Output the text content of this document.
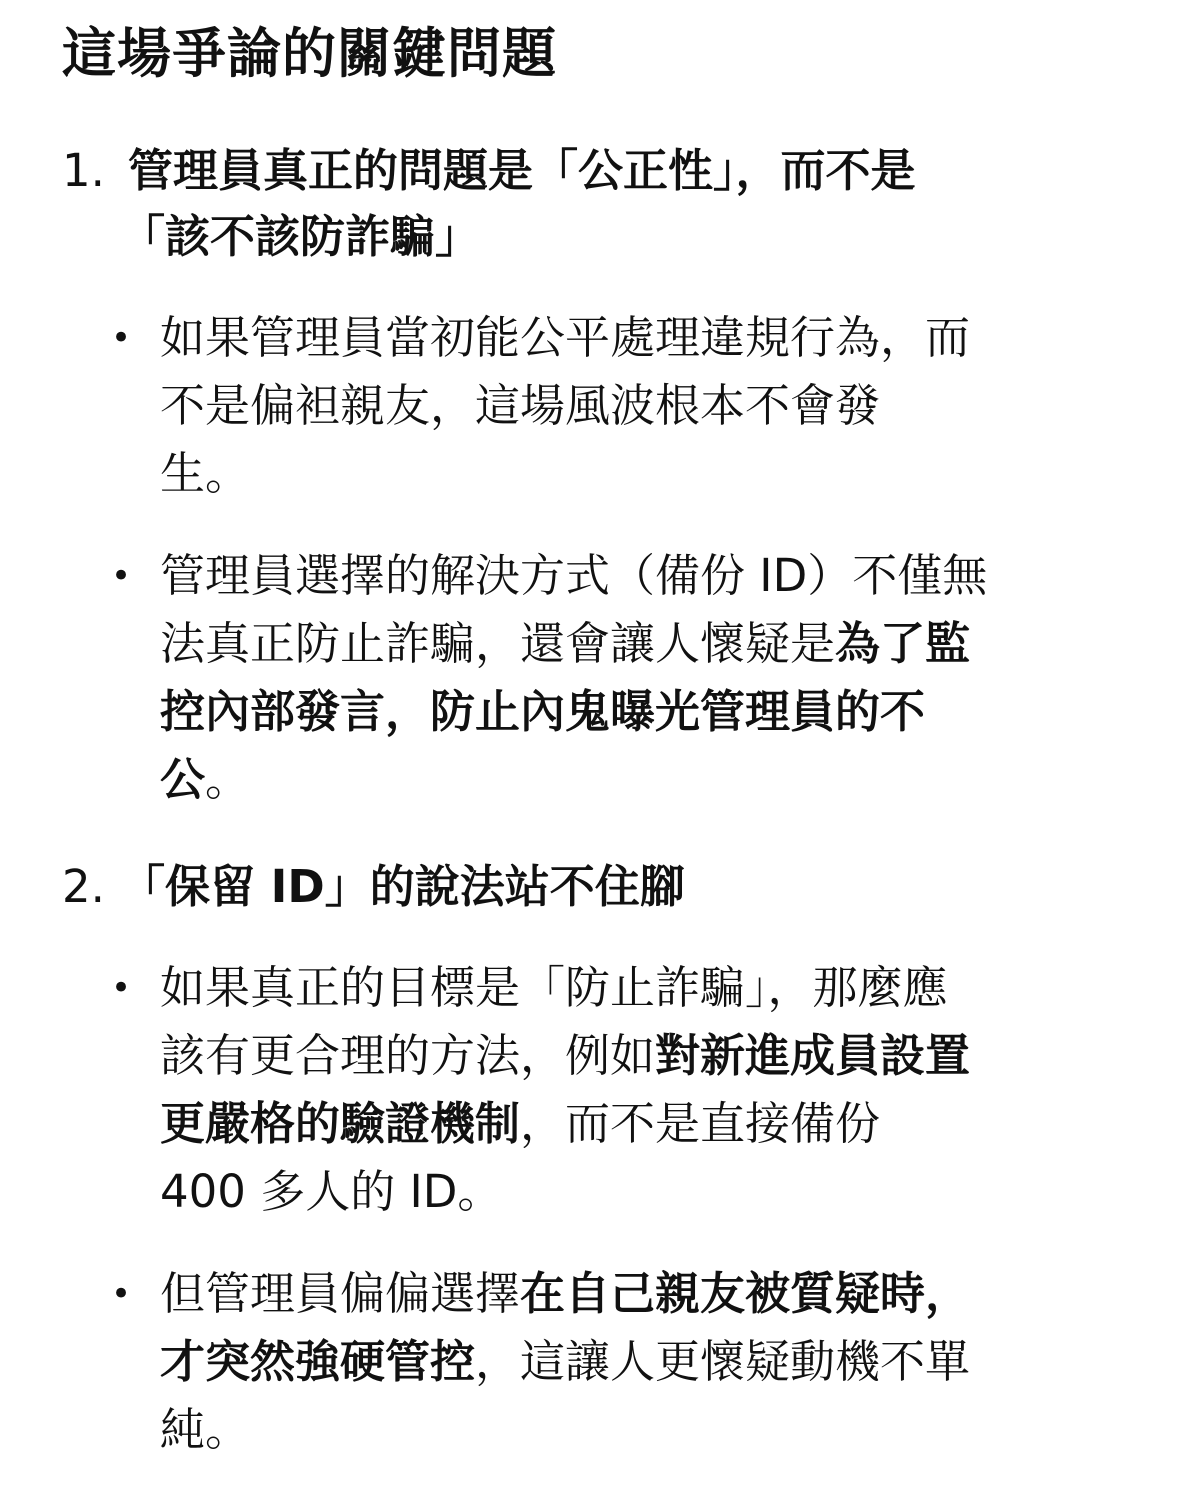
這場爭論的關鍵問題
1. 管理員真正的問題是「公正性」，而不是
「該不該防詐騙」
• 如果管理員當初能公平處理違規行為，而
不是偏袒親友，這場風波根本不會發
生。
• 管理員選擇的解決方式（備份 ID）不僅無
法真正防止詐騙，還會讓人懷疑是為了監
控內部發言，防止內鬼曝光管理員的不
公。
2. 「保留 ID」的說法站不住腳
• 如果真正的目標是「防止詐騙」，那麼應
該有更合理的方法，例如對新進成員設置
更嚴格的驗證機制，而不是直接備份
400 多人的 ID。
• 但管理員偏偏選擇在自己親友被質疑時，
才突然強硬管控，這讓人更懷疑動機不單
純。
